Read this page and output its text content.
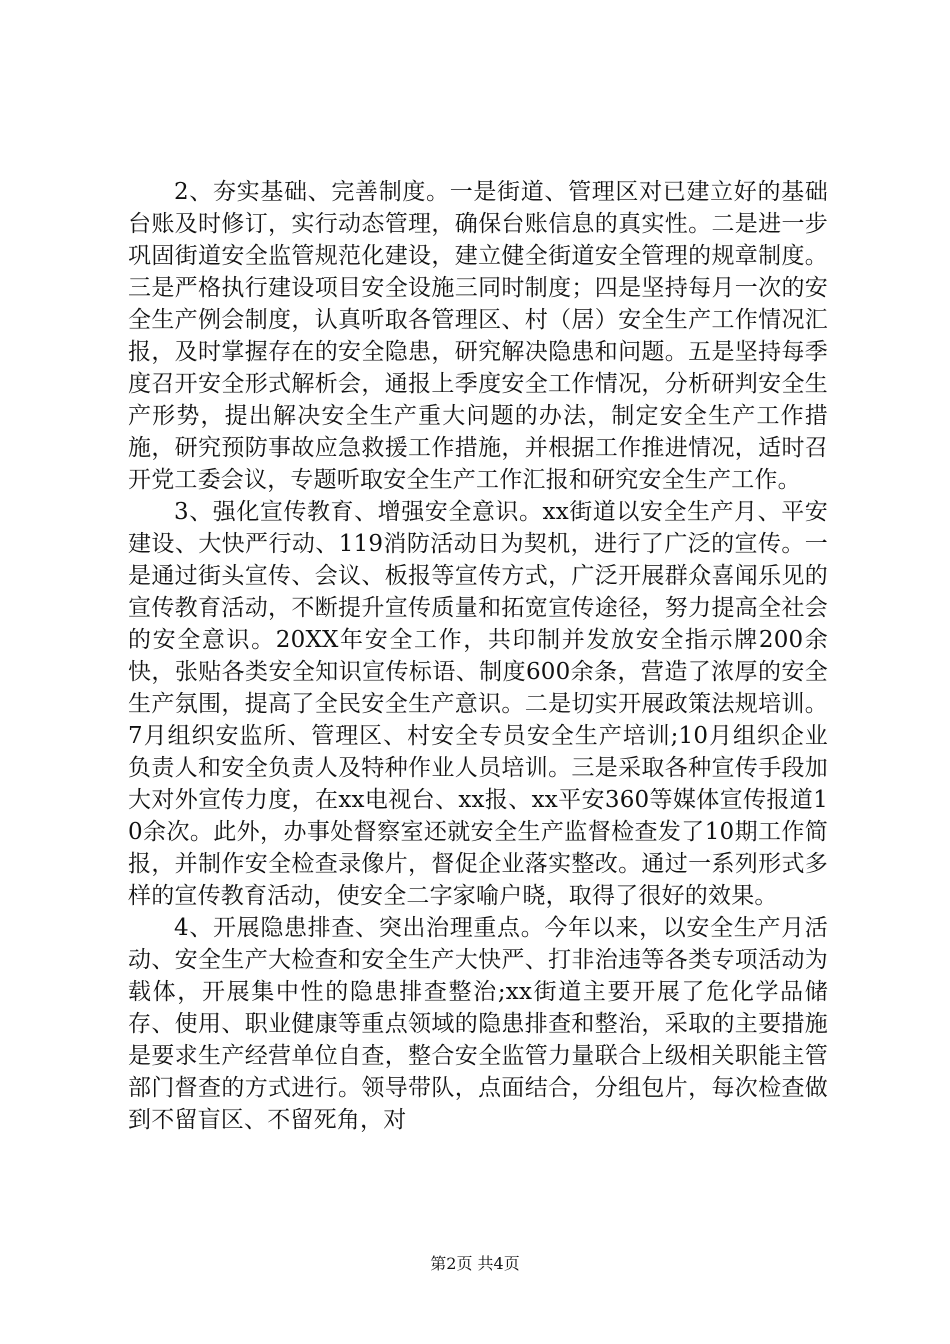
2、夯实基础、完善制度。一是街道、管理区对已建立好的基础台账及时修订，实行动态管理，确保台账信息的真实性。二是进一步巩固街道安全监管规范化建设，建立健全街道安全管理的规章制度。三是严格执行建设项目安全设施三同时制度；四是坚持每月一次的安全生产例会制度，认真听取各管理区、村（居）安全生产工作情况汇报，及时掌握存在的安全隐患，研究解决隐患和问题。五是坚持每季度召开安全形式解析会，通报上季度安全工作情况，分析研判安全生产形势，提出解决安全生产重大问题的办法，制定安全生产工作措施，研究预防事故应急救援工作措施，并根据工作推进情况，适时召开党工委会议，专题听取安全生产工作汇报和研究安全生产工作。

3、强化宣传教育、增强安全意识。xx街道以安全生产月、平安建设、大快严行动、119消防活动日为契机，进行了广泛的宣传。一是通过街头宣传、会议、板报等宣传方式，广泛开展群众喜闻乐见的宣传教育活动，不断提升宣传质量和拓宽宣传途径，努力提高全社会的安全意识。20XX年安全工作，共印制并发放安全指示牌200余快，张贴各类安全知识宣传标语、制度600余条，营造了浓厚的安全生产氛围，提高了全民安全生产意识。二是切实开展政策法规培训。7月组织安监所、管理区、村安全专员安全生产培训;10月组织企业负责人和安全负责人及特种作业人员培训。三是采取各种宣传手段加大对外宣传力度，在xx电视台、xx报、xx平安360等媒体宣传报道10余次。此外，办事处督察室还就安全生产监督检查发了10期工作简报，并制作安全检查录像片，督促企业落实整改。通过一系列形式多样的宣传教育活动，使安全二字家喻户晓，取得了很好的效果。

4、开展隐患排查、突出治理重点。今年以来，以安全生产月活动、安全生产大检查和安全生产大快严、打非治违等各类专项活动为载体，开展集中性的隐患排查整治;xx街道主要开展了危化学品储存、使用、职业健康等重点领域的隐患排查和整治，采取的主要措施是要求生产经营单位自查，整合安全监管力量联合上级相关职能主管部门督查的方式进行。领导带队，点面结合，分组包片，每次检查做到不留盲区、不留死角，对

第2页 共4页
